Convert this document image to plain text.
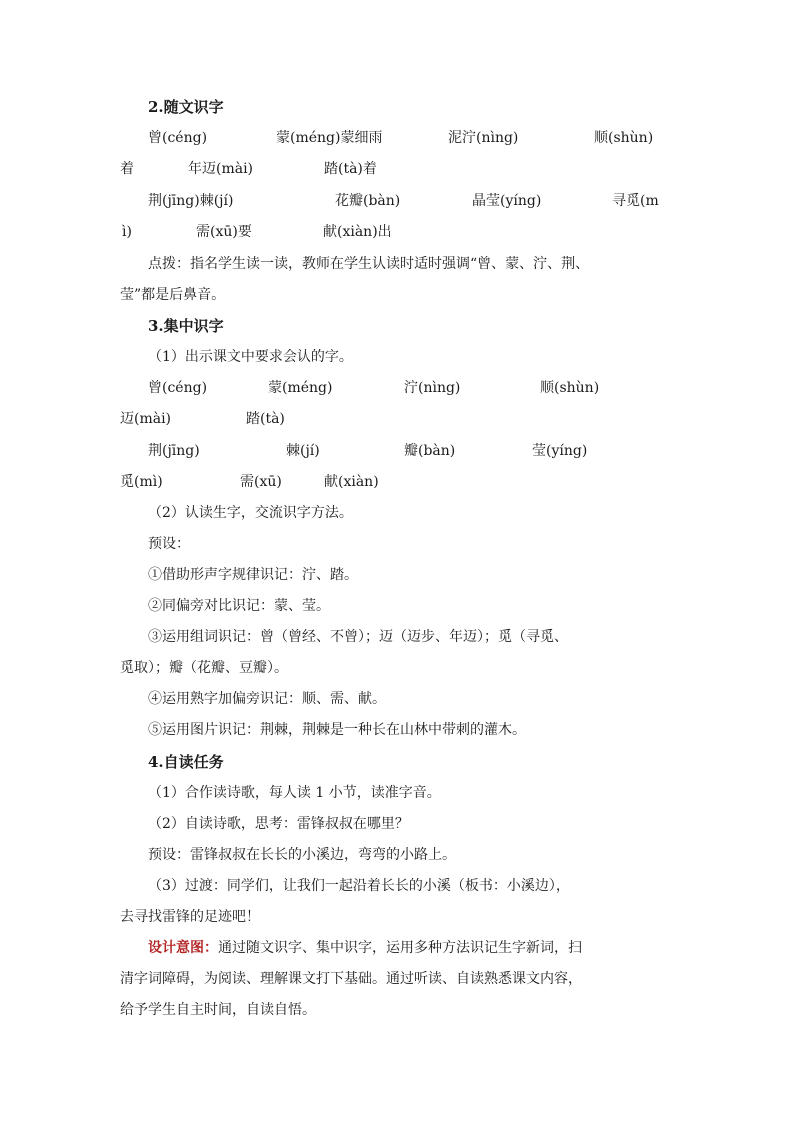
2.随文识字
曾(céng)	蒙(méng)蒙细雨	泥泞(nìng)	顺(shùn)
着	年迈(mài)	踏(tà)着
荆(jīng)棘(jí)	花瓣(bàn)	晶莹(yíng)	寻觅(m
ì)	需(xū)要	献(xiàn)出
点拨：指名学生读一读，教师在学生认读时适时强调“曾、蒙、泞、荆、
莹”都是后鼻音。
3.集中识字
（1）出示课文中要求会认的字。
曾(céng)	蒙(méng)	泞(nìng)	顺(shùn)
迈(mài)	踏(tà)
荆(jīng)	棘(jí)	瓣(bàn)	莹(yíng)
觅(mì)	需(xū)	献(xiàn)
（2）认读生字，交流识字方法。
预设：
①借助形声字规律识记：泞、踏。
②同偏旁对比识记：蒙、莹。
③运用组词识记：曾（曾经、不曾）；迈（迈步、年迈）；觅（寻觅、
觅取）；瓣（花瓣、豆瓣）。
④运用熟字加偏旁识记：顺、需、献。
⑤运用图片识记：荆棘，荆棘是一种长在山林中带刺的灌木。
4.自读任务
（1）合作读诗歌，每人读 1 小节，读准字音。
（2）自读诗歌，思考：雷锋叔叔在哪里？
预设：雷锋叔叔在长长的小溪边，弯弯的小路上。
（3）过渡：同学们，让我们一起沿着长长的小溪（板书：小溪边），
去寻找雷锋的足迹吧！
设计意图：通过随文识字、集中识字，运用多种方法识记生字新词，扫
清字词障碍，为阅读、理解课文打下基础。通过听读、自读熟悉课文内容，
给予学生自主时间，自读自悟。
